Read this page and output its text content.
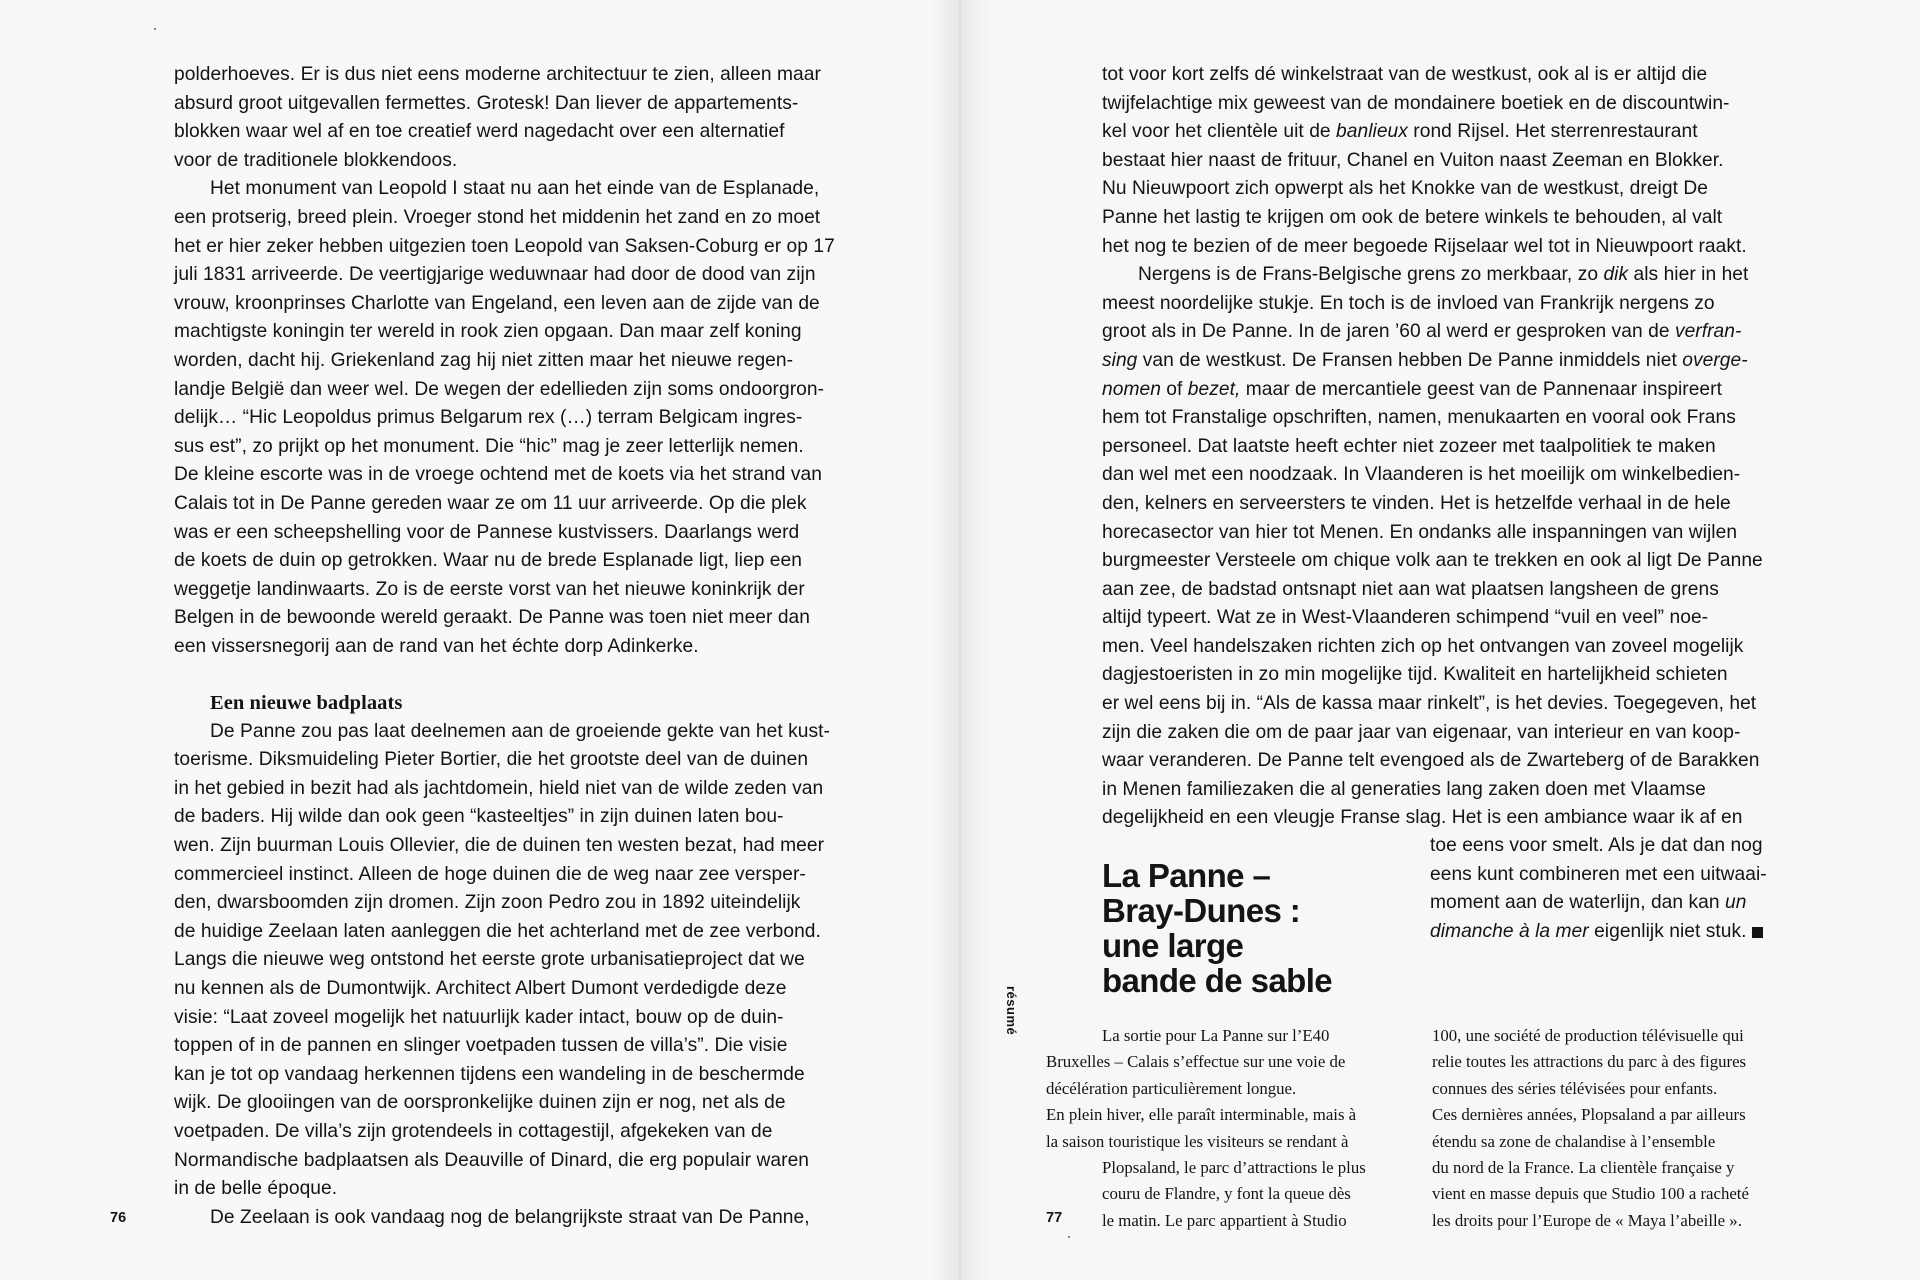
polderhoeves. Er is dus niet eens moderne architectuur te zien, alleen maar
absurd groot uitgevallen fermettes. Grotesk! Dan liever de appartements-
blokken waar wel af en toe creatief werd nagedacht over een alternatief
voor de traditionele blokkendoos.
Het monument van Leopold I staat nu aan het einde van de Esplanade,
een protserig, breed plein. Vroeger stond het middenin het zand en zo moet
het er hier zeker hebben uitgezien toen Leopold van Saksen-Coburg er op 17
juli 1831 arriveerde. De veertigjarige weduwnaar had door de dood van zijn
vrouw, kroonprinses Charlotte van Engeland, een leven aan de zijde van de
machtigste koningin ter wereld in rook zien opgaan. Dan maar zelf koning
worden, dacht hij. Griekenland zag hij niet zitten maar het nieuwe regen-
landje België dan weer wel. De wegen der edellieden zijn soms ondoorgron-
delijk… “Hic Leopoldus primus Belgarum rex (…) terram Belgicam ingres-
sus est”, zo prijkt op het monument. Die “hic” mag je zeer letterlijk nemen.
De kleine escorte was in de vroege ochtend met de koets via het strand van
Calais tot in De Panne gereden waar ze om 11 uur arriveerde. Op die plek
was er een scheepshelling voor de Pannese kustvissers. Daarlangs werd
de koets de duin op getrokken. Waar nu de brede Esplanade ligt, liep een
weggetje landinwaarts. Zo is de eerste vorst van het nieuwe koninkrijk der
Belgen in de bewoonde wereld geraakt. De Panne was toen niet meer dan
een vissersnegorij aan de rand van het échte dorp Adinkerke.
Een nieuwe badplaats
De Panne zou pas laat deelnemen aan de groeiende gekte van het kust-
toerisme. Diksmuideling Pieter Bortier, die het grootste deel van de duinen
in het gebied in bezit had als jachtdomein, hield niet van de wilde zeden van
de baders. Hij wilde dan ook geen “kasteeltjes” in zijn duinen laten bou-
wen. Zijn buurman Louis Ollevier, die de duinen ten westen bezat, had meer
commercieel instinct. Alleen de hoge duinen die de weg naar zee versper-
den, dwarsboomden zijn dromen. Zijn zoon Pedro zou in 1892 uiteindelijk
de huidige Zeelaan laten aanleggen die het achterland met de zee verbond.
Langs die nieuwe weg ontstond het eerste grote urbanisatieproject dat we
nu kennen als de Dumontwijk. Architect Albert Dumont verdedigde deze
visie: “Laat zoveel mogelijk het natuurlijk kader intact, bouw op de duin-
toppen of in de pannen en slinger voetpaden tussen de villa’s”. Die visie
kan je tot op vandaag herkennen tijdens een wandeling in de beschermde
wijk. De glooiingen van de oorspronkelijke duinen zijn er nog, net als de
voetpaden. De villa’s zijn grotendeels in cottagestijl, afgekeken van de
Normandische badplaatsen als Deauville of Dinard, die erg populair waren
in de belle époque.
De Zeelaan is ook vandaag nog de belangrijkste straat van De Panne,
76
tot voor kort zelfs dé winkelstraat van de westkust, ook al is er altijd die
twijfelachtige mix geweest van de mondainere boetiek en de discountwin-
kel voor het clientèle uit de banlieux rond Rijsel. Het sterrenrestaurant
bestaat hier naast de frituur, Chanel en Vuiton naast Zeeman en Blokker.
Nu Nieuwpoort zich opwerpt als het Knokke van de westkust, dreigt De
Panne het lastig te krijgen om ook de betere winkels te behouden, al valt
het nog te bezien of de meer begoede Rijselaar wel tot in Nieuwpoort raakt.
Nergens is de Frans-Belgische grens zo merkbaar, zo dik als hier in het
meest noordelijke stukje. En toch is de invloed van Frankrijk nergens zo
groot als in De Panne. In de jaren ’60 al werd er gesproken van de verfran-
sing van de westkust. De Fransen hebben De Panne inmiddels niet overge-
nomen of bezet, maar de mercantiele geest van de Pannenaar inspireert
hem tot Franstalige opschriften, namen, menukaarten en vooral ook Frans
personeel. Dat laatste heeft echter niet zozeer met taalpolitiek te maken
dan wel met een noodzaak. In Vlaanderen is het moeilijk om winkelbedien-
den, kelners en serveersters te vinden. Het is hetzelfde verhaal in de hele
horecasector van hier tot Menen. En ondanks alle inspanningen van wijlen
burgmeester Versteele om chique volk aan te trekken en ook al ligt De Panne
aan zee, de badstad ontsnapt niet aan wat plaatsen langsheen de grens
altijd typeert. Wat ze in West-Vlaanderen schimpend “vuil en veel” noe-
men. Veel handelszaken richten zich op het ontvangen van zoveel mogelijk
dagjestoeristen in zo min mogelijke tijd. Kwaliteit en hartelijkheid schieten
er wel eens bij in. “Als de kassa maar rinkelt”, is het devies. Toegegeven, het
zijn die zaken die om de paar jaar van eigenaar, van interieur en van koop-
waar veranderen. De Panne telt evengoed als de Zwarteberg of de Barakken
in Menen familiezaken die al generaties lang zaken doen met Vlaamse
degelijkheid en een vleugje Franse slag. Het is een ambiance waar ik af en
toe eens voor smelt. Als je dat dan nog
eens kunt combineren met een uitwaai-
moment aan de waterlijn, dan kan un
dimanche à la mer eigenlijk niet stuk.
La Panne –
Bray-Dunes :
une large
bande de sable
résumé
La sortie pour La Panne sur l’E40
Bruxelles – Calais s’effectue sur une voie de
décélération particulièrement longue.
En plein hiver, elle paraît interminable, mais à
la saison touristique les visiteurs se rendant à
Plopsaland, le parc d’attractions le plus
couru de Flandre, y font la queue dès
le matin. Le parc appartient à Studio
100, une société de production télévisuelle qui
relie toutes les attractions du parc à des figures
connues des séries télévisées pour enfants.
Ces dernières années, Plopsaland a par ailleurs
étendu sa zone de chalandise à l’ensemble
du nord de la France. La clientèle française y
vient en masse depuis que Studio 100 a racheté
les droits pour l’Europe de « Maya l’abeille ».
77
